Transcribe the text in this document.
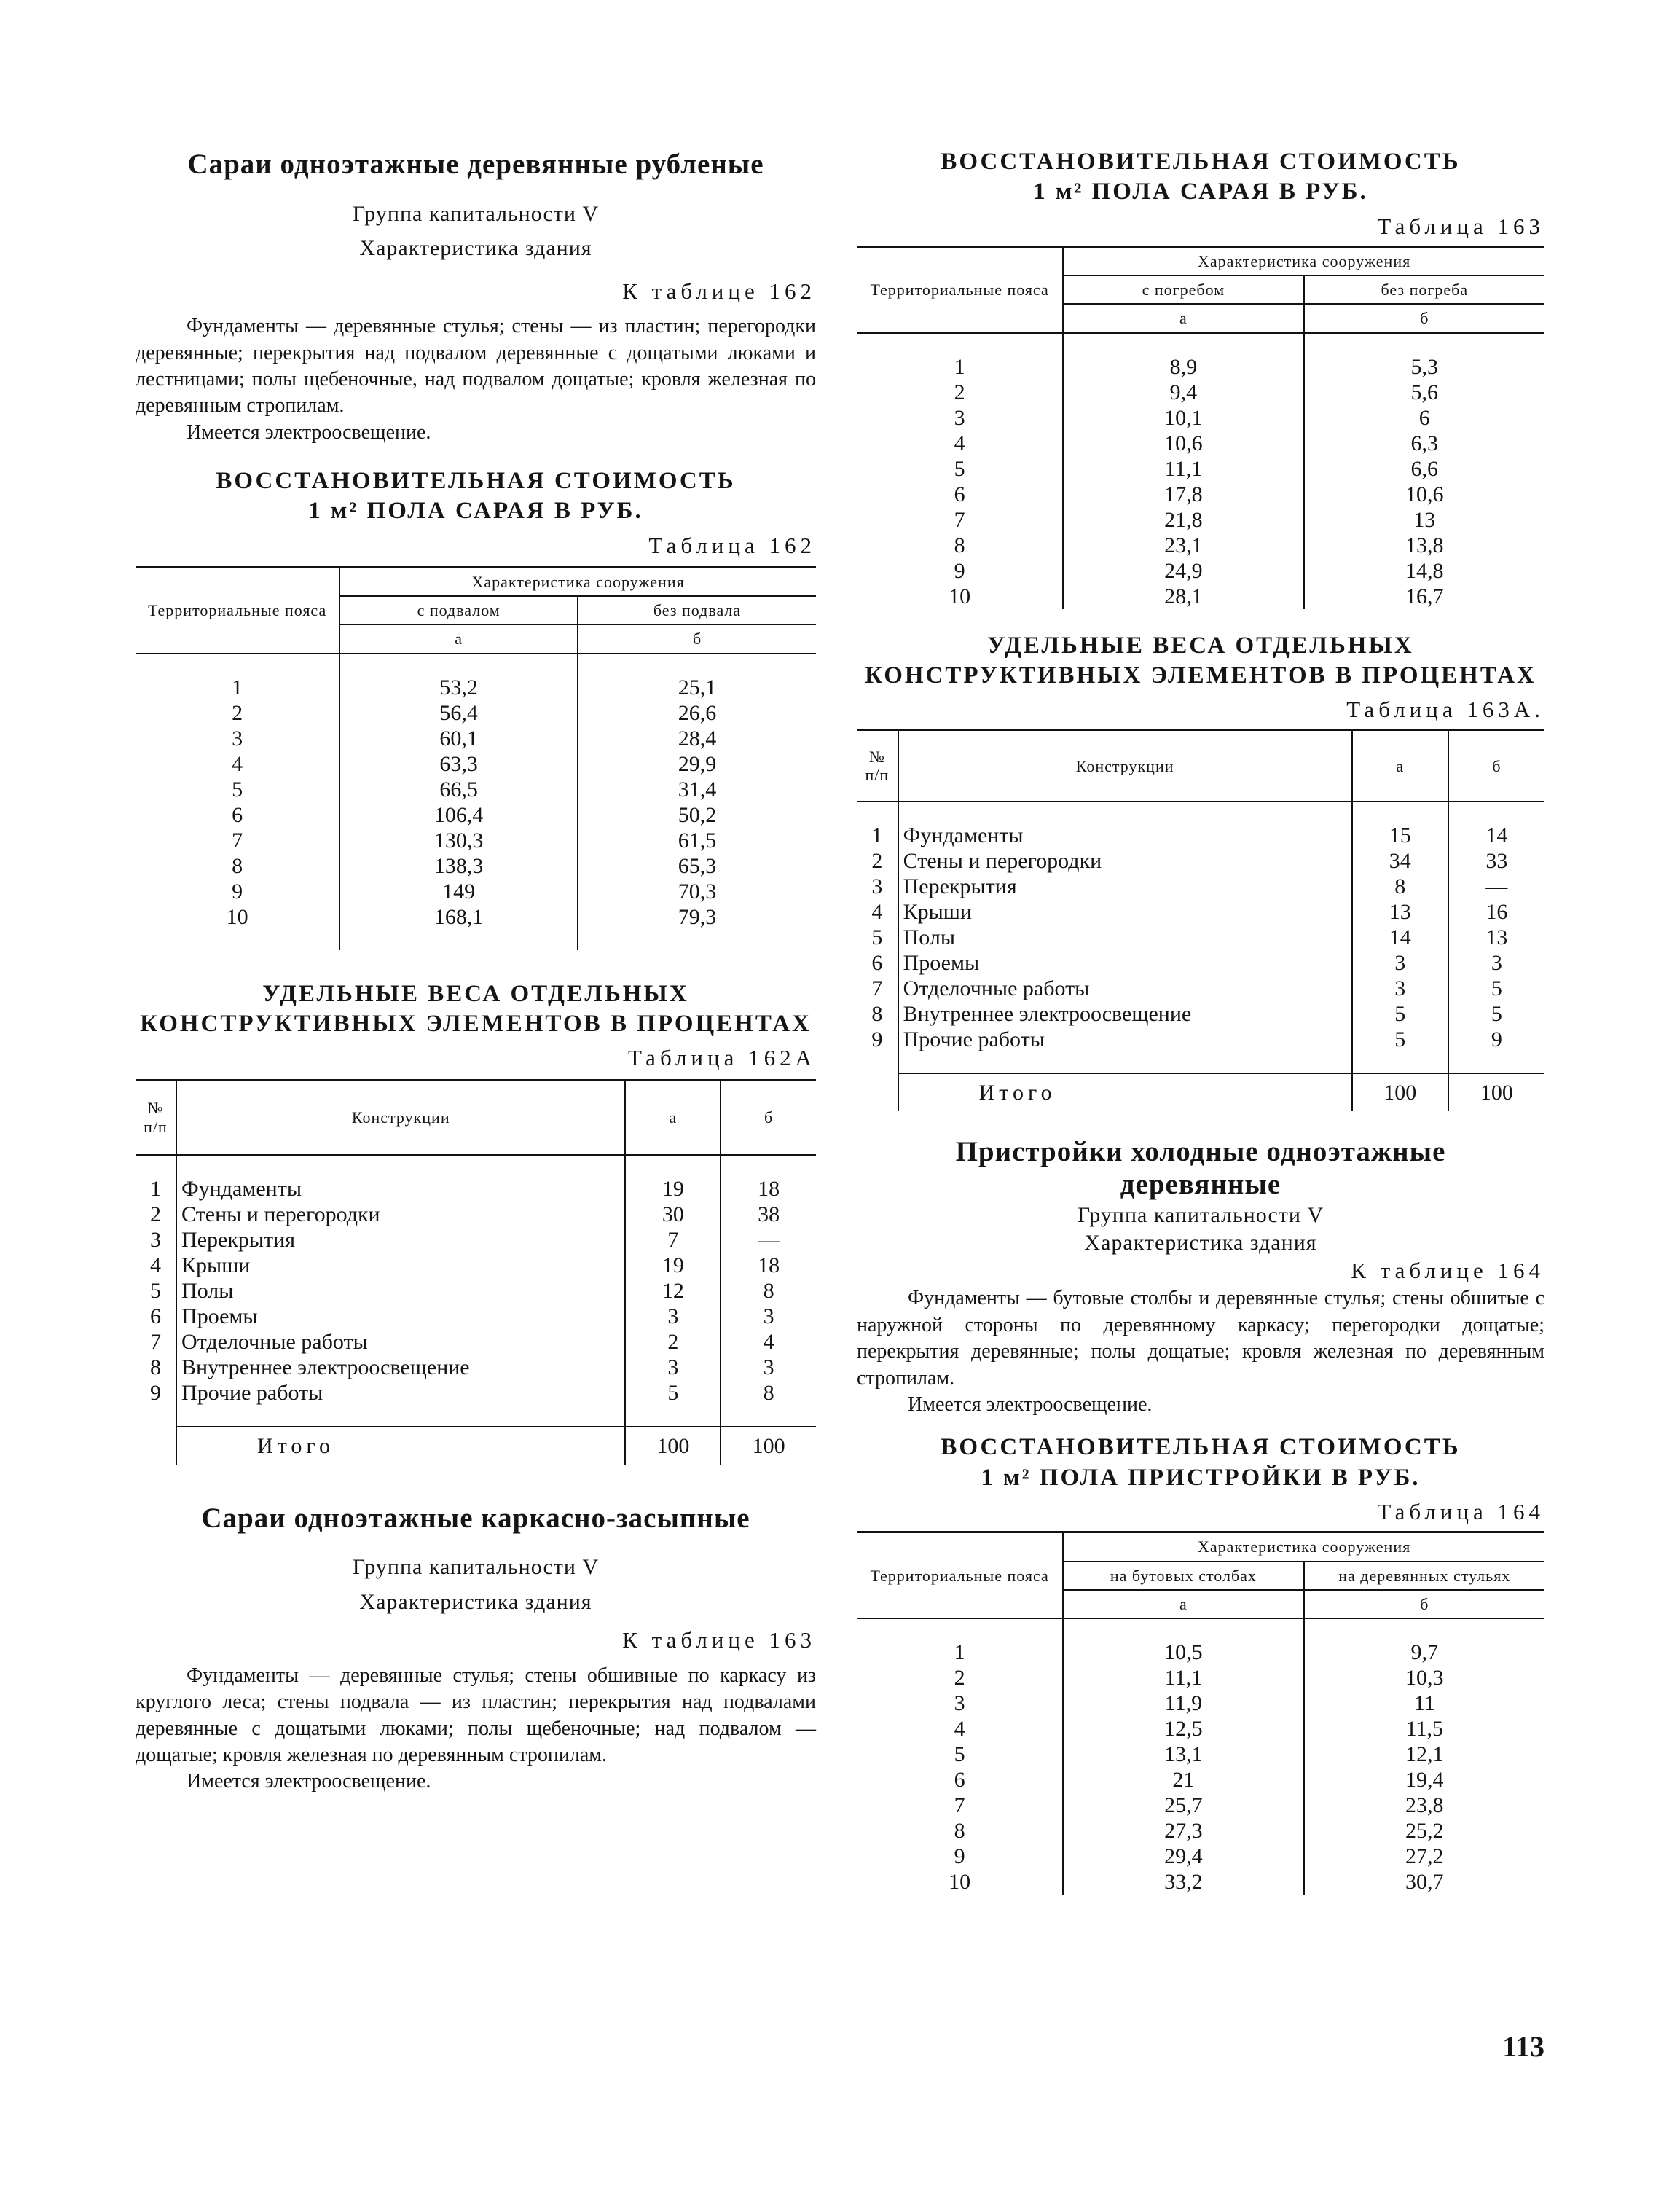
Сараи одноэтажные деревянные рубленые

Группа капитальности V

Характеристика здания

К таблице 162

Фундаменты — деревянные стулья; стены — из пластин; перегородки деревянные; перекрытия над подвалом деревянные с дощатыми люками и лестницами; полы щебеночные, над подвалом дощатые; кровля железная по деревянным стропилам.

Имеется электроосвещение.

ВОССТАНОВИТЕЛЬНАЯ СТОИМОСТЬ

1 м² ПОЛА САРАЯ В РУБ.

Таблица 162

Территориальные пояса	Характеристика сооружения	
	с подвалом	без подвала
	а	б

1	53,2	25,1
2	56,4	26,6
3	60,1	28,4
4	63,3	29,9
5	66,5	31,4
6	106,4	50,2
7	130,3	61,5
8	138,3	65,3
9	149	70,3
10	168,1	79,3

УДЕЛЬНЫЕ ВЕСА ОТДЕЛЬНЫХ

КОНСТРУКТИВНЫХ ЭЛЕМЕНТОВ В ПРОЦЕНТАХ

Таблица 162А

№ п/п	Конструкции	а	б

1	Фундаменты	19	18
2	Стены и перегородки	30	38
3	Перекрытия	7	—
4	Крыши	19	18
5	Полы	12	8
6	Проемы	3	3
7	Отделочные работы	2	4
8	Внутреннее электроосвещение	3	3
9	Прочие работы	5	8

	Итого	100	100
Сараи одноэтажные каркасно-засыпные

Группа капитальности V

Характеристика здания

К таблице 163

Фундаменты — деревянные стулья; стены обшивные по каркасу из круглого леса; стены подвала — из пластин; перекрытия над подвалами деревянные с дощатыми люками; полы щебеночные; над подвалом — дощатые; кровля железная по деревянным стропилам.

Имеется электроосвещение.

ВОССТАНОВИТЕЛЬНАЯ СТОИМОСТЬ

1 м² ПОЛА САРАЯ В РУБ.

Таблица 163

Территориальные пояса	Характеристика сооружения	
	с погребом	без погреба
	а	б

1	8,9	5,3
2	9,4	5,6
3	10,1	6
4	10,6	6,3
5	11,1	6,6
6	17,8	10,6
7	21,8	13
8	23,1	13,8
9	24,9	14,8
10	28,1	16,7

УДЕЛЬНЫЕ ВЕСА ОТДЕЛЬНЫХ

КОНСТРУКТИВНЫХ ЭЛЕМЕНТОВ В ПРОЦЕНТАХ

Таблица 163А.

№ п/п	Конструкции	а	б

1	Фундаменты	15	14
2	Стены и перегородки	34	33
3	Перекрытия	8	—
4	Крыши	13	16
5	Полы	14	13
6	Проемы	3	3
7	Отделочные работы	3	5
8	Внутреннее электроосвещение	5	5
9	Прочие работы	5	9

	Итого	100	100
Пристройки холодные одноэтажные
деревянные

Группа капитальности V

Характеристика здания

К таблице 164

Фундаменты — бутовые столбы и деревянные стулья; стены обшитые с наружной стороны по деревянному каркасу; перегородки дощатые; перекрытия деревянные; полы дощатые; кровля железная по деревянным стропилам.

Имеется электроосвещение.

ВОССТАНОВИТЕЛЬНАЯ СТОИМОСТЬ

1 м² ПОЛА ПРИСТРОЙКИ В РУБ.

Таблица 164

Территориальные пояса	Характеристика сооружения	
	на бутовых столбах	на деревянных стульях
	а	б

1	10,5	9,7
2	11,1	10,3
3	11,9	11
4	12,5	11,5
5	13,1	12,1
6	21	19,4
7	25,7	23,8
8	27,3	25,2
9	29,4	27,2
10	33,2	30,7
113
